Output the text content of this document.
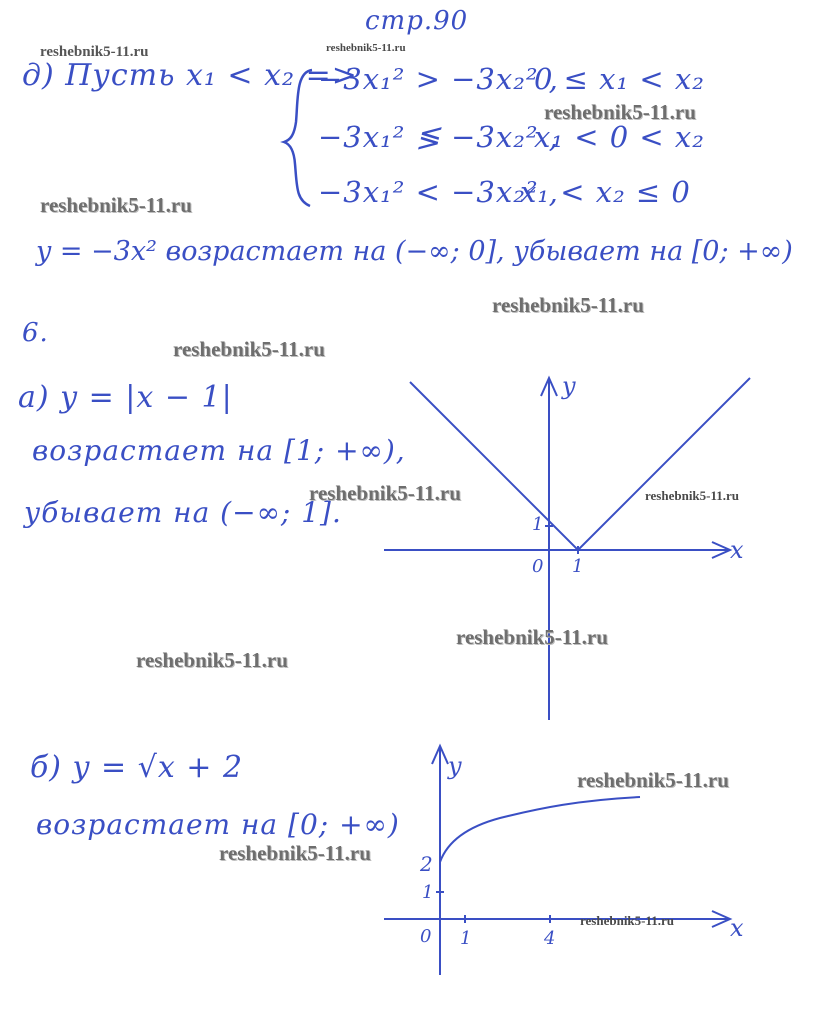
стр.90
д) Пусть x₁ < x₂ =>
−3x₁² > −3x₂² ,
0 ≤ x₁ < x₂
−3x₁² ≶ −3x₂² ,
x₁ < 0 < x₂
−3x₁² < −3x₂² ,
x₁ < x₂ ≤ 0
y = −3x² возрастает на (−∞; 0], убывает на [0; +∞)
6.
а) y = |x − 1|
возрастает на [1; +∞),
убывает на (−∞; 1].
б) y = √x + 2
возрастает на [0; +∞)
y
x
0 1
1
y
x
0 1	4
1
2
reshebnik5-11.ru	reshebnik5-11.ru
reshebnik5-11.ru
reshebnik5-11.ru
reshebnik5-11.ru
reshebnik5-11.ru
reshebnik5-11.ru	reshebnik5-11.ru
reshebnik5-11.ru
reshebnik5-11.ru
reshebnik5-11.ru
reshebnik5-11.ru
reshebnik5-11.ru
